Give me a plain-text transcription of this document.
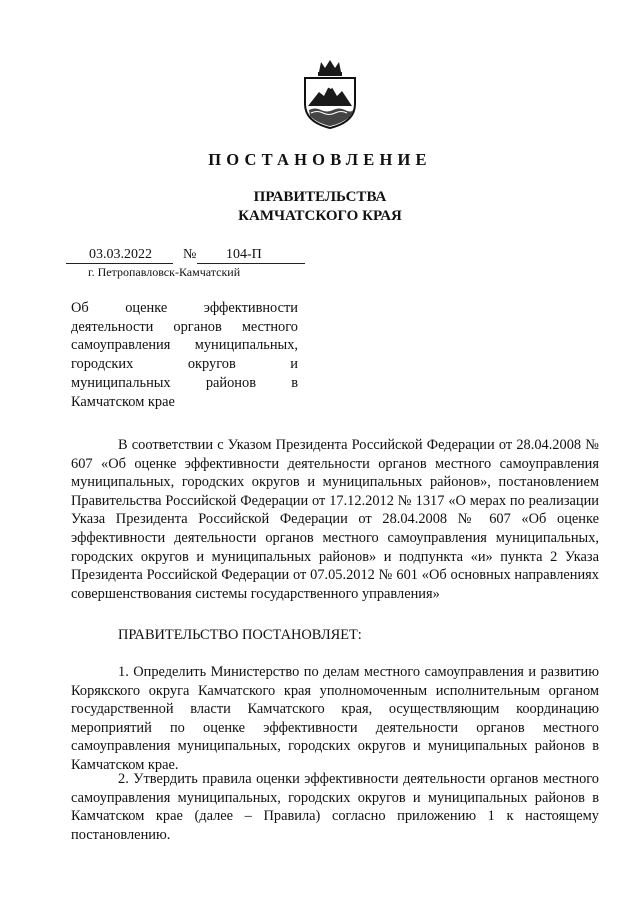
ПОСТАНОВЛЕНИЕ
ПРАВИТЕЛЬСТВА
КАМЧАТСКОГО КРАЯ
03.03.2022 № 104-П
г. Петропавловск-Камчатский
Об оценке эффективности деятельности органов местного самоуправления муниципальных, городских округов и муниципальных районов в Камчатском крае
В соответствии с Указом Президента Российской Федерации от 28.04.2008 № 607 «Об оценке эффективности деятельности органов местного самоуправления муниципальных, городских округов и муниципальных районов», постановлением Правительства Российской Федерации от 17.12.2012 № 1317 «О мерах по реализации Указа Президента Российской Федерации от 28.04.2008 № 607 «Об оценке эффективности деятельности органов местного самоуправления муниципальных, городских округов и муниципальных районов» и подпункта «и» пункта 2 Указа Президента Российской Федерации от 07.05.2012 № 601 «Об основных направлениях совершенствования системы государственного управления»
ПРАВИТЕЛЬСТВО ПОСТАНОВЛЯЕТ:
1. Определить Министерство по делам местного самоуправления и развитию Корякского округа Камчатского края уполномоченным исполнительным органом государственной власти Камчатского края, осуществляющим координацию мероприятий по оценке эффективности деятельности органов местного самоуправления муниципальных, городских округов и муниципальных районов в Камчатском крае.
2. Утвердить правила оценки эффективности деятельности органов местного самоуправления муниципальных, городских округов и муниципальных районов в Камчатском крае (далее – Правила) согласно приложению 1 к настоящему постановлению.
